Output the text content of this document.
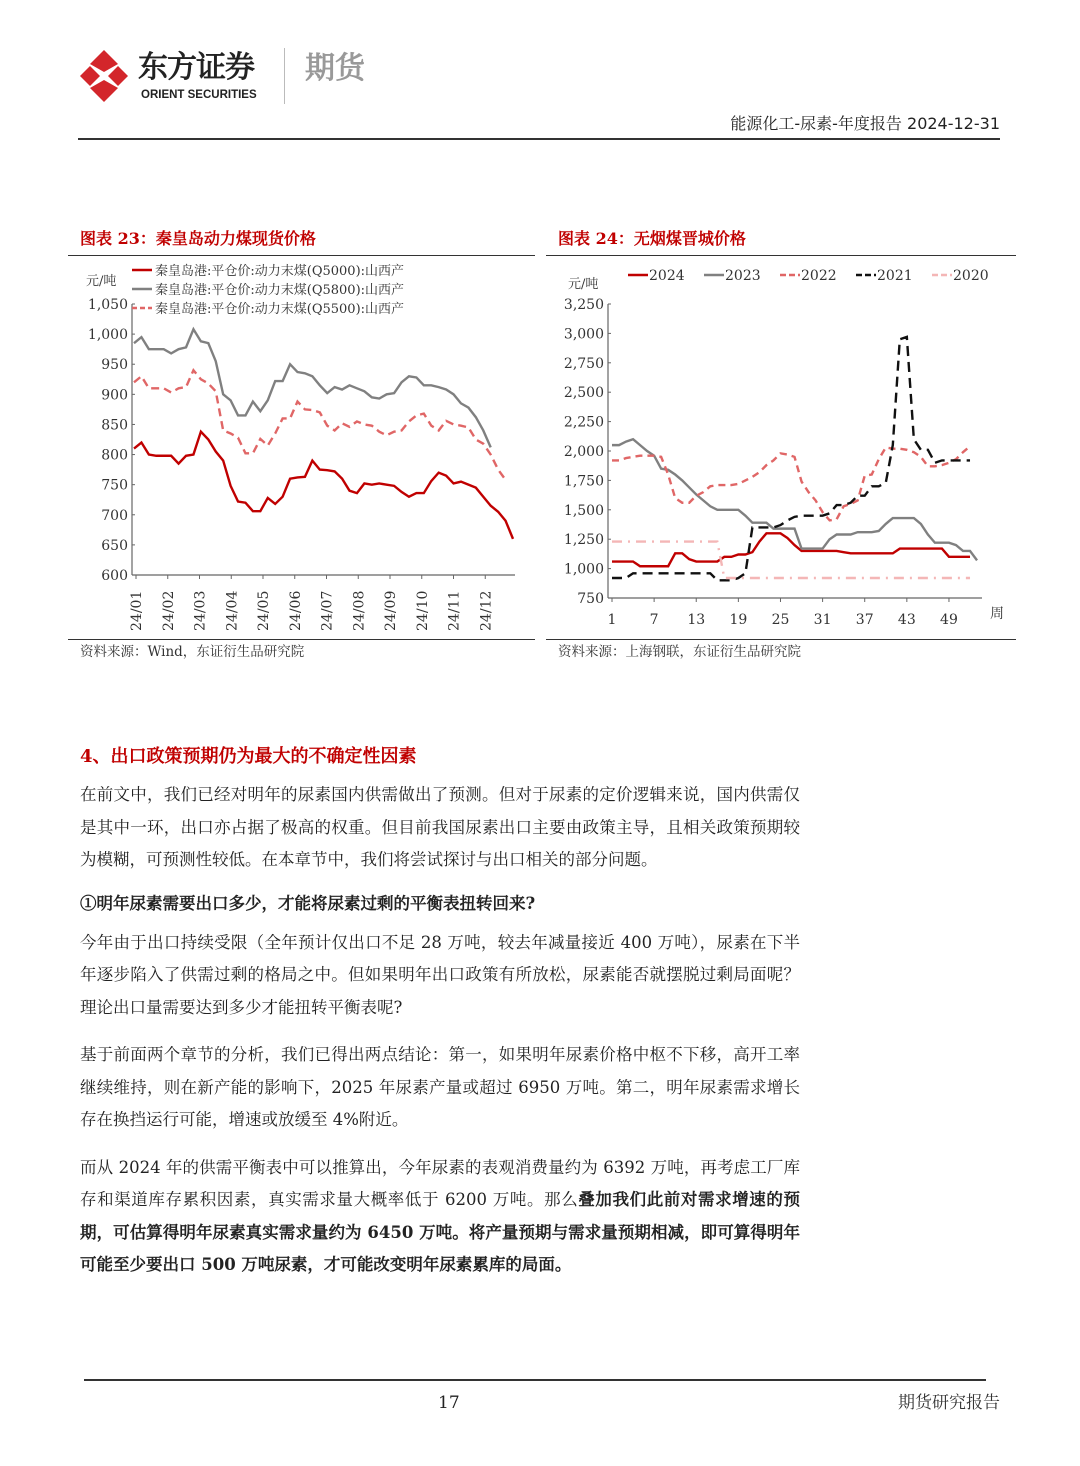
东方证券
ORIENT SECURITIES
期货
能源化工-尿素-年度报告 2024-12-31
图表 23：秦皇岛动力煤现货价格
600
650
700
750
800
850
900
950
1,000
1,050
元/吨
24/01 24/02 24/03 24/04 24/05 24/06 24/07 24/08 24/09 24/10 24/11 24/12
秦皇岛港:平仓价:动力末煤(Q5000):山西产
秦皇岛港:平仓价:动力末煤(Q5800):山西产
秦皇岛港:平仓价:动力末煤(Q5500):山西产
资料来源：Wind，东证衍生品研究院
图表 24：无烟煤晋城价格
750
1,000
1,250
1,500
1,750
2,000
2,250
2,500
2,750
3,000
3,250
元/吨
1 7 13 19 25 31 37 43 49 周
2024	2023	2022	2021	2020
资料来源：上海钢联，东证衍生品研究院
4、出口政策预期仍为最大的不确定性因素
在前文中，我们已经对明年的尿素国内供需做出了预测。但对于尿素的定价逻辑来说，国内供需仅是其中一环，出口亦占据了极高的权重。但目前我国尿素出口主要由政策主导，且相关政策预期较为模糊，可预测性较低。在本章节中，我们将尝试探讨与出口相关的部分问题。
①明年尿素需要出口多少，才能将尿素过剩的平衡表扭转回来?
今年由于出口持续受限（全年预计仅出口不足 28 万吨，较去年减量接近 400 万吨），尿素在下半年逐步陷入了供需过剩的格局之中。但如果明年出口政策有所放松，尿素能否就摆脱过剩局面呢？理论出口量需要达到多少才能扭转平衡表呢?
基于前面两个章节的分析，我们已得出两点结论：第一，如果明年尿素价格中枢不下移，高开工率继续维持，则在新产能的影响下，2025 年尿素产量或超过 6950 万吨。第二，明年尿素需求增长存在换挡运行可能，增速或放缓至 4%附近。
而从 2024 年的供需平衡表中可以推算出，今年尿素的表观消费量约为 6392 万吨，再考虑工厂库存和渠道库存累积因素，真实需求量大概率低于 6200 万吨。那么叠加我们此前对需求增速的预期，可估算得明年尿素真实需求量约为 6450 万吨。将产量预期与需求量预期相减，即可算得明年可能至少要出口 500 万吨尿素，才可能改变明年尿素累库的局面。
17	期货研究报告
